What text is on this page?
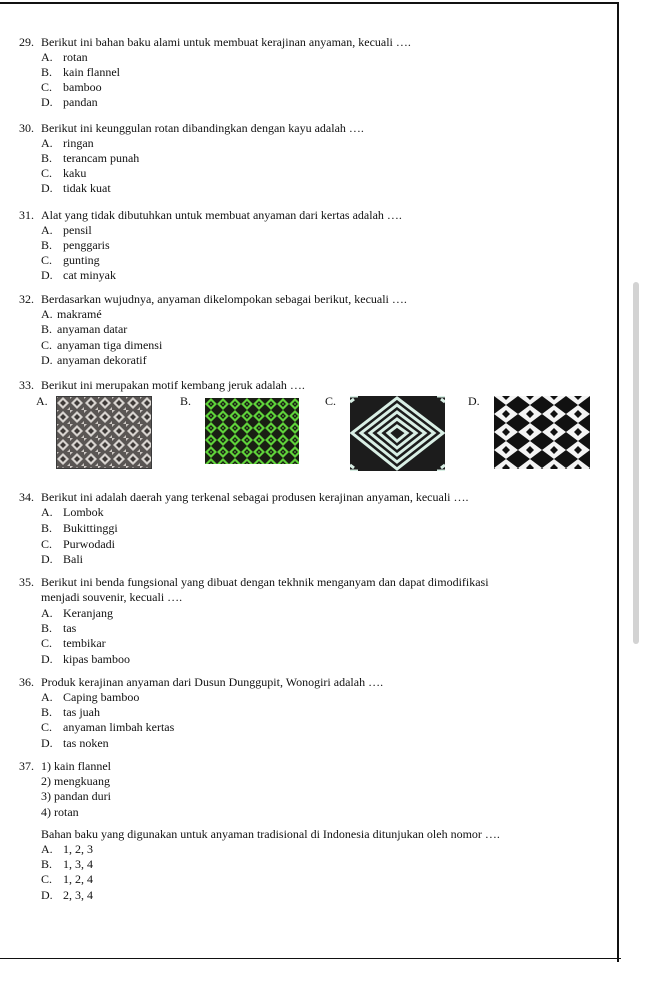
29. Berikut ini bahan baku alami untuk membuat kerajinan anyaman, kecuali ….
A. rotan
B. kain flannel
C. bamboo
D. pandan
30. Berikut ini keunggulan rotan dibandingkan dengan kayu adalah ….
A. ringan
B. terancam punah
C. kaku
D. tidak kuat
31. Alat yang tidak dibutuhkan untuk membuat anyaman dari kertas adalah ….
A. pensil
B. penggaris
C. gunting
D. cat minyak
32. Berdasarkan wujudnya, anyaman dikelompokan sebagai berikut, kecuali ….
A. makramé
B. anyaman datar
C. anyaman tiga dimensi
D. anyaman dekoratif
33. Berikut ini merupakan motif kembang jeruk adalah ….
A.	B.	C.	D.
34. Berikut ini adalah daerah yang terkenal sebagai produsen kerajinan anyaman, kecuali ….
A. Lombok
B. Bukittinggi
C. Purwodadi
D. Bali
35. Berikut ini benda fungsional yang dibuat dengan tekhnik menganyam dan dapat dimodifikasi
menjadi souvenir, kecuali ….
A. Keranjang
B. tas
C. tembikar
D. kipas bamboo
36. Produk kerajinan anyaman dari Dusun Dunggupit, Wonogiri adalah ….
A. Caping bamboo
B. tas juah
C. anyaman limbah kertas
D. tas noken
37. 1) kain flannel
2) mengkuang
3) pandan duri
4) rotan
Bahan baku yang digunakan untuk anyaman tradisional di Indonesia ditunjukan oleh nomor ….
A. 1, 2, 3
B. 1, 3, 4
C. 1, 2, 4
D. 2, 3, 4
